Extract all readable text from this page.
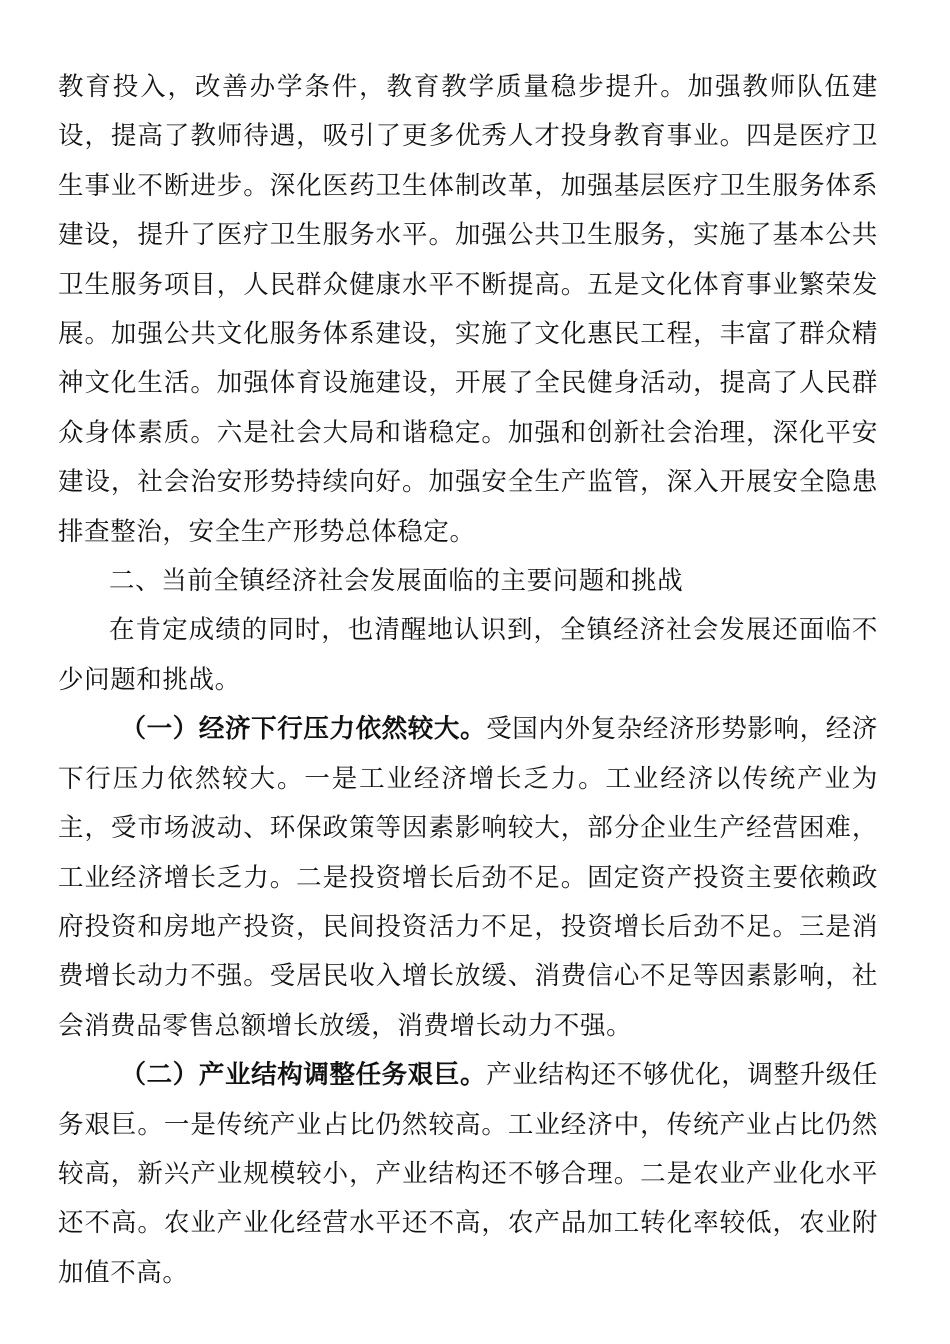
教育投入，改善办学条件，教育教学质量稳步提升。加强教师队伍建设，提高了教师待遇，吸引了更多优秀人才投身教育事业。四是医疗卫生事业不断进步。深化医药卫生体制改革，加强基层医疗卫生服务体系建设，提升了医疗卫生服务水平。加强公共卫生服务，实施了基本公共卫生服务项目，人民群众健康水平不断提高。五是文化体育事业繁荣发展。加强公共文化服务体系建设，实施了文化惠民工程，丰富了群众精神文化生活。加强体育设施建设，开展了全民健身活动，提高了人民群众身体素质。六是社会大局和谐稳定。加强和创新社会治理，深化平安建设，社会治安形势持续向好。加强安全生产监管，深入开展安全隐患排查整治，安全生产形势总体稳定。

二、当前全镇经济社会发展面临的主要问题和挑战

在肯定成绩的同时，也清醒地认识到，全镇经济社会发展还面临不少问题和挑战。

（一）经济下行压力依然较大。受国内外复杂经济形势影响，经济下行压力依然较大。一是工业经济增长乏力。工业经济以传统产业为主，受市场波动、环保政策等因素影响较大，部分企业生产经营困难，工业经济增长乏力。二是投资增长后劲不足。固定资产投资主要依赖政府投资和房地产投资，民间投资活力不足，投资增长后劲不足。三是消费增长动力不强。受居民收入增长放缓、消费信心不足等因素影响，社会消费品零售总额增长放缓，消费增长动力不强。

（二）产业结构调整任务艰巨。产业结构还不够优化，调整升级任务艰巨。一是传统产业占比仍然较高。工业经济中，传统产业占比仍然较高，新兴产业规模较小，产业结构还不够合理。二是农业产业化水平还不高。农业产业化经营水平还不高，农产品加工转化率较低，农业附加值不高。
